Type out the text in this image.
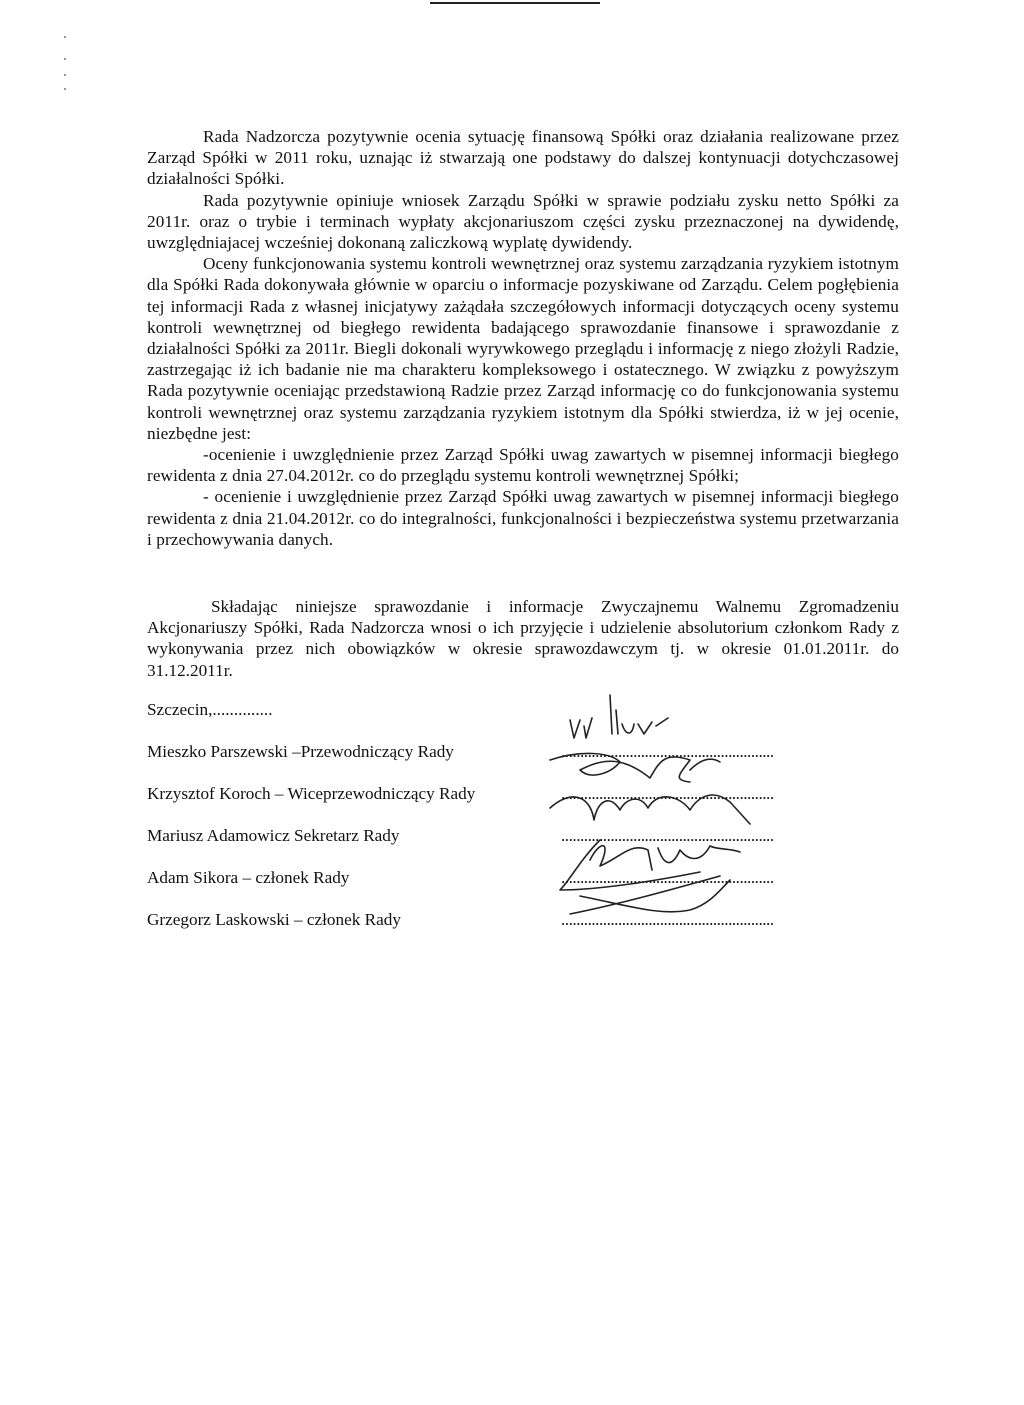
Rada Nadzorcza pozytywnie ocenia sytuację finansową Spółki oraz działania realizowane przez Zarząd Spółki w 2011 roku, uznając iż stwarzają one podstawy do dalszej kontynuacji dotychczasowej działalności Spółki.

Rada pozytywnie opiniuje wniosek Zarządu Spółki w sprawie podziału zysku netto Spółki za 2011r. oraz o trybie i terminach wypłaty akcjonariuszom części zysku przeznaczonej na dywidendę, uwzględniajacej wcześniej dokonaną zaliczkową wyplatę dywidendy.

Oceny funkcjonowania systemu kontroli wewnętrznej oraz systemu zarządzania ryzykiem istotnym dla Spółki Rada dokonywała głównie w oparciu o informacje pozyskiwane od Zarządu. Celem pogłębienia tej informacji Rada z własnej inicjatywy zażądała szczegółowych informacji dotyczących oceny systemu kontroli wewnętrznej od biegłego rewidenta badającego sprawozdanie finansowe i sprawozdanie z działalności Spółki za 2011r. Biegli dokonali wyrywkowego przeglądu i informację z niego złożyli Radzie, zastrzegając iż ich badanie nie ma charakteru kompleksowego i ostatecznego. W związku z powyższym Rada pozytywnie oceniając przedstawioną Radzie przez Zarząd informację co do funkcjonowania systemu kontroli wewnętrznej oraz systemu zarządzania ryzykiem istotnym dla Spółki stwierdza, iż w jej ocenie, niezbędne jest:

-ocenienie i uwzględnienie przez Zarząd Spółki uwag zawartych w pisemnej informacji biegłego rewidenta z dnia 27.04.2012r. co do przeglądu systemu kontroli wewnętrznej Spółki;

- ocenienie i uwzględnienie przez Zarząd Spółki uwag zawartych w pisemnej informacji biegłego rewidenta z dnia 21.04.2012r. co do integralności, funkcjonalności i bezpieczeństwa systemu przetwarzania i przechowywania danych.

Składając niniejsze sprawozdanie i informacje Zwyczajnemu Walnemu Zgromadzeniu Akcjonariuszy Spółki, Rada Nadzorcza wnosi o ich przyjęcie i udzielenie absolutorium członkom Rady z wykonywania przez nich obowiązków w okresie sprawozdawczym tj. w okresie 01.01.2011r. do 31.12.2011r.

Szczecin,..............
Mieszko Parszewski –Przewodniczący Rady	........................................................
Krzysztof Koroch – Wiceprzewodniczący Rady	........................................................
Mariusz Adamowicz Sekretarz Rady	........................................................
Adam Sikora – członek Rady	........................................................
Grzegorz Laskowski – członek Rady	........................................................
